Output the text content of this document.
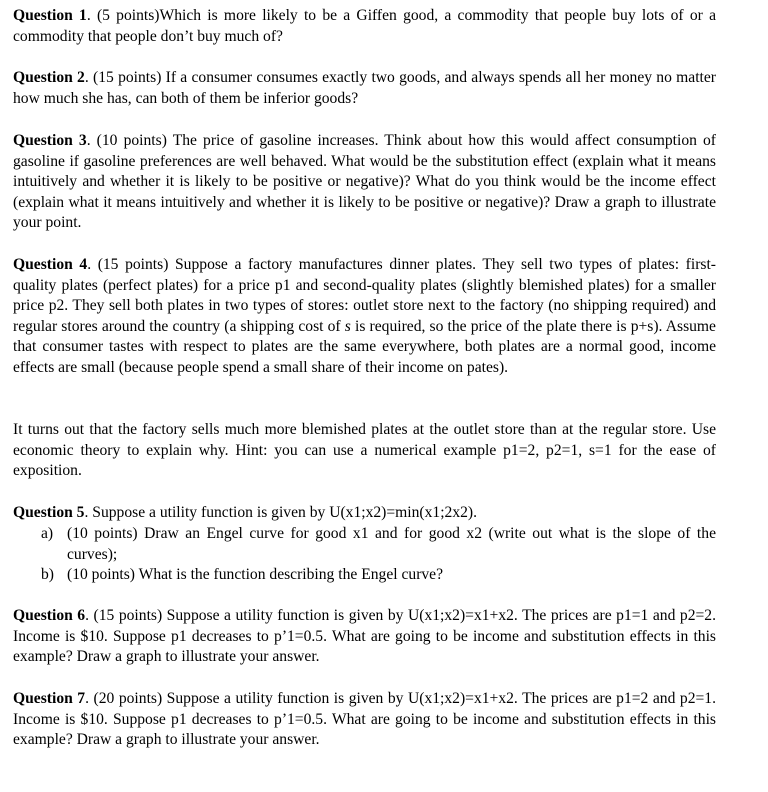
Question 1. (5 points)Which is more likely to be a Giffen good, a commodity that people buy lots of or a commodity that people don’t buy much of?

Question 2. (15 points) If a consumer consumes exactly two goods, and always spends all her money no matter how much she has, can both of them be inferior goods?

Question 3. (10 points) The price of gasoline increases. Think about how this would affect consumption of gasoline if gasoline preferences are well behaved. What would be the substitution effect (explain what it means intuitively and whether it is likely to be positive or negative)? What do you think would be the income effect (explain what it means intuitively and whether it is likely to be positive or negative)? Draw a graph to illustrate your point.

Question 4. (15 points) Suppose a factory manufactures dinner plates. They sell two types of plates: first-quality plates (perfect plates) for a price p1 and second-quality plates (slightly blemished plates) for a smaller price p2. They sell both plates in two types of stores: outlet store next to the factory (no shipping required) and regular stores around the country (a shipping cost of s is required, so the price of the plate there is p+s). Assume that consumer tastes with respect to plates are the same everywhere, both plates are a normal good, income effects are small (because people spend a small share of their income on pates).

It turns out that the factory sells much more blemished plates at the outlet store than at the regular store. Use economic theory to explain why. Hint: you can use a numerical example p1=2, p2=1, s=1 for the ease of exposition.

Question 5. Suppose a utility function is given by U(x1;x2)=min(x1;2x2).

a) (10 points) Draw an Engel curve for good x1 and for good x2 (write out what is the slope of the curves);
b) (10 points) What is the function describing the Engel curve?

Question 6. (15 points) Suppose a utility function is given by U(x1;x2)=x1+x2. The prices are p1=1 and p2=2. Income is $10. Suppose p1 decreases to p’1=0.5. What are going to be income and substitution effects in this example? Draw a graph to illustrate your answer.

Question 7. (20 points) Suppose a utility function is given by U(x1;x2)=x1+x2. The prices are p1=2 and p2=1. Income is $10. Suppose p1 decreases to p’1=0.5. What are going to be income and substitution effects in this example? Draw a graph to illustrate your answer.
